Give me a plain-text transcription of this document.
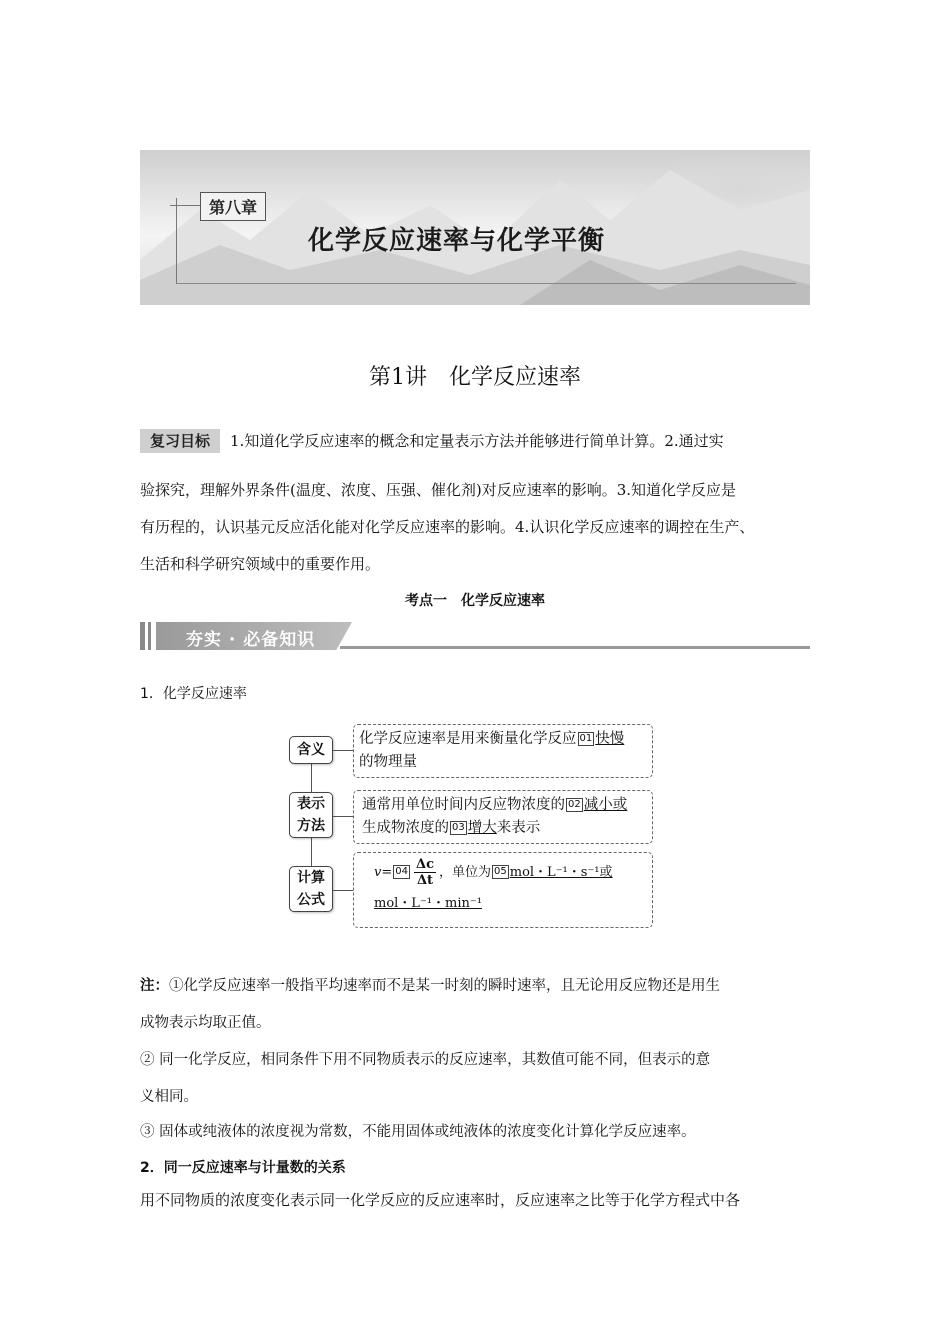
第八章
化学反应速率与化学平衡
第1讲　化学反应速率
复习目标 1.知道化学反应速率的概念和定量表示方法并能够进行简单计算。2.通过实
验探究，理解外界条件(温度、浓度、压强、催化剂)对反应速率的影响。3.知道化学反应是
有历程的，认识基元反应活化能对化学反应速率的影响。4.认识化学反应速率的调控在生产、
生活和科学研究领域中的重要作用。
考点一　化学反应速率
夯实 · 必备知识
1．化学反应速率
含义
化学反应速率是用来衡量化学反应 01 快慢
的物理量
表示
方法
通常用单位时间内反应物浓度的 02 减小或
生成物浓度的 03 增大来表示
计算
公式
$v= 04 \frac{\Delta c}{\Delta t}$ ，单位为 05 mol・L⁻¹・s⁻¹或
mol・L⁻¹・min⁻¹
注：①化学反应速率一般指平均速率而不是某一时刻的瞬时速率，且无论用反应物还是用生
成物表示均取正值。
② 同一化学反应，相同条件下用不同物质表示的反应速率，其数值可能不同，但表示的意
义相同。
③ 固体或纯液体的浓度视为常数，不能用固体或纯液体的浓度变化计算化学反应速率。
2．同一反应速率与计量数的关系
用不同物质的浓度变化表示同一化学反应的反应速率时，反应速率之比等于化学方程式中各
